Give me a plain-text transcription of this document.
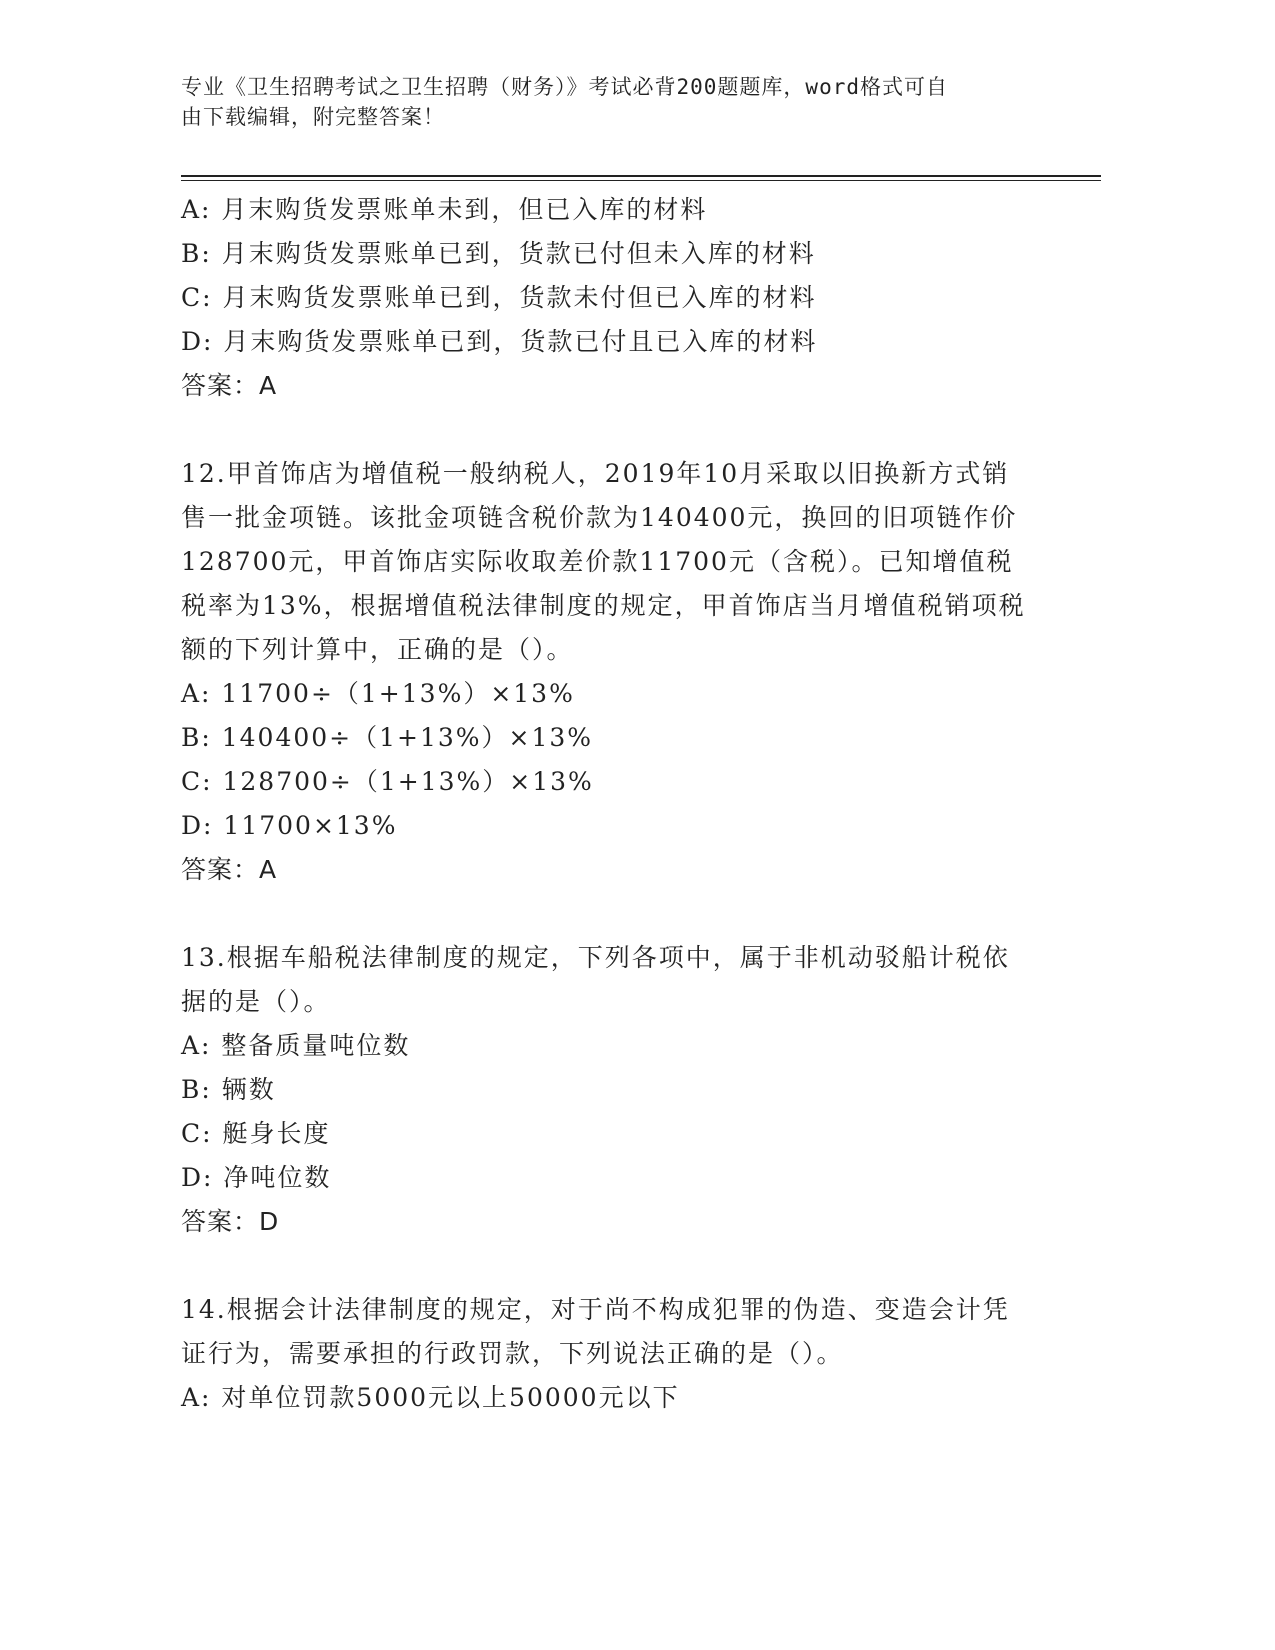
专业《卫生招聘考试之卫生招聘（财务）》考试必背200题题库，word格式可自
由下载编辑，附完整答案！
A: 月末购货发票账单未到，但已入库的材料
B: 月末购货发票账单已到，货款已付但未入库的材料
C: 月末购货发票账单已到，货款未付但已入库的材料
D: 月末购货发票账单已到，货款已付且已入库的材料
答案：A
12.甲首饰店为增值税一般纳税人，2019年10月采取以旧换新方式销
售一批金项链。该批金项链含税价款为140400元，换回的旧项链作价
128700元，甲首饰店实际收取差价款11700元（含税）。已知增值税
税率为13%，根据增值税法律制度的规定，甲首饰店当月增值税销项税
额的下列计算中，正确的是（）。
A: 11700÷（1+13%）×13%
B: 140400÷（1+13%）×13%
C: 128700÷（1+13%）×13%
D: 11700×13%
答案：A
13.根据车船税法律制度的规定，下列各项中，属于非机动驳船计税依
据的是（）。
A: 整备质量吨位数
B: 辆数
C: 艇身长度
D: 净吨位数
答案：D
14.根据会计法律制度的规定，对于尚不构成犯罪的伪造、变造会计凭
证行为，需要承担的行政罚款，下列说法正确的是（）。
A: 对单位罚款5000元以上50000元以下
